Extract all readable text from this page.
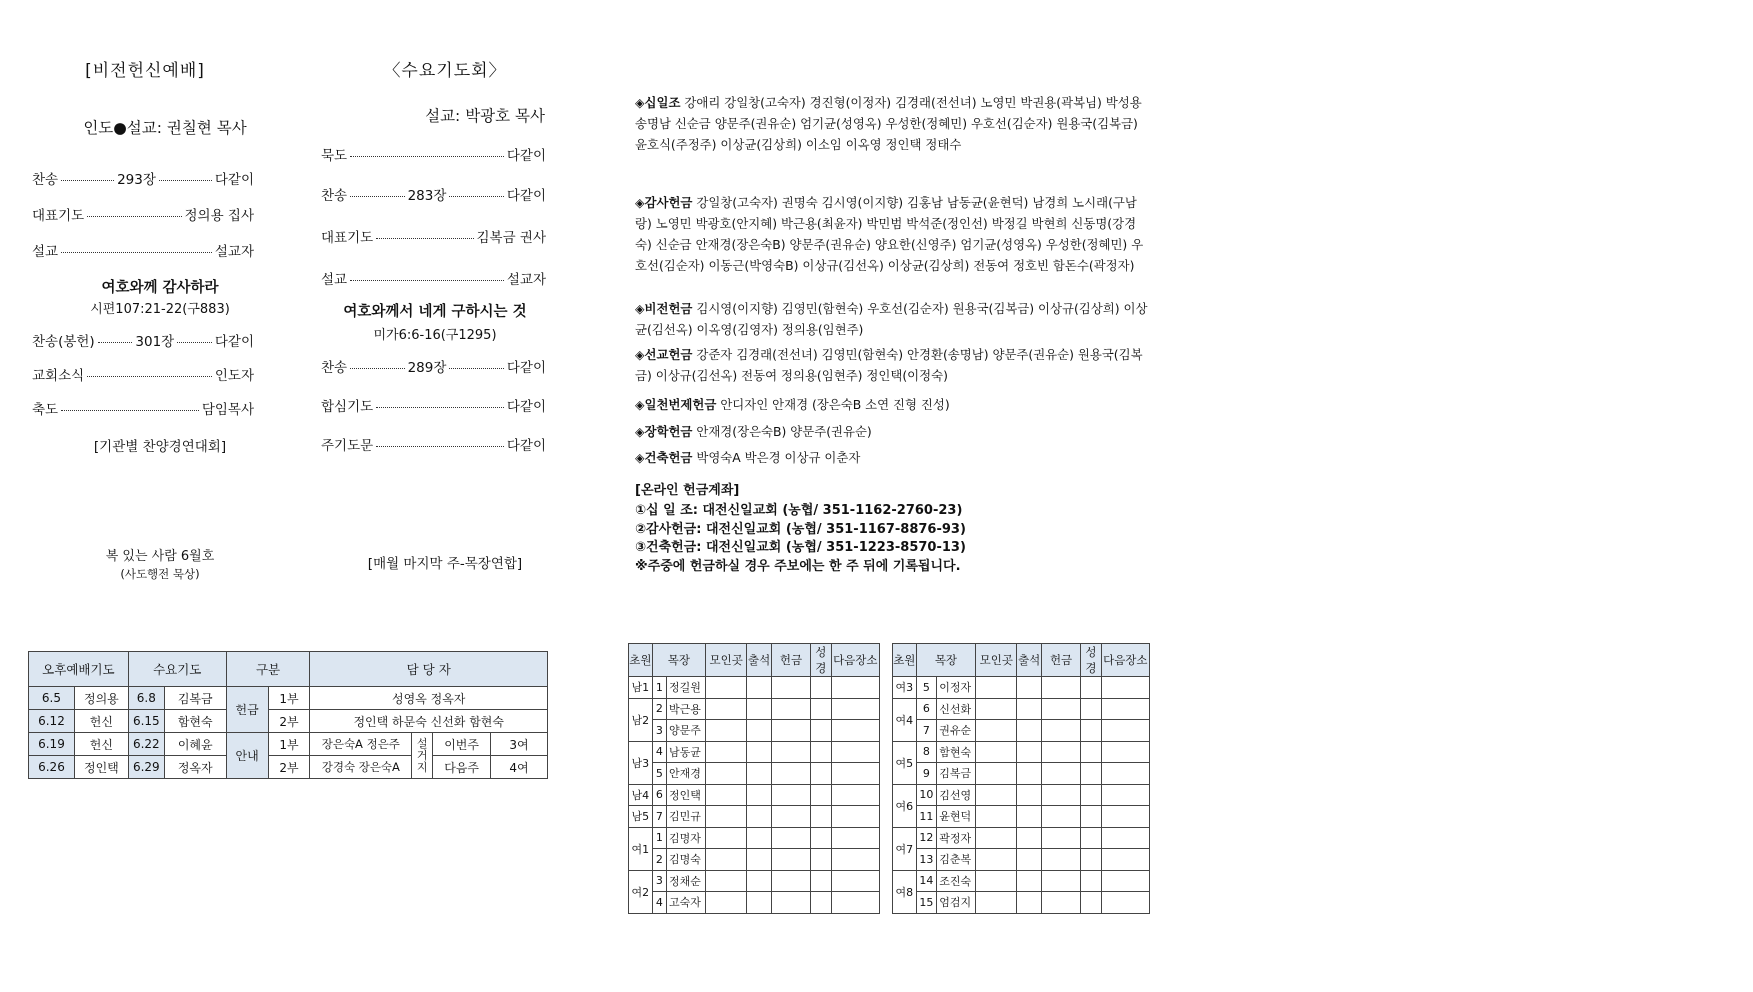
[비전헌신예배]
인도●설교: 권칠현 목사
여호와께 감사하라
시편107:21-22(구883)
[기관별 찬양경연대회]
복 있는 사람 6월호
(사도행전 묵상)
〈수요기도회〉
설교: 박광호 목사
여호와께서 네게 구하시는 것
미가6:6-16(구1295)
[매월 마지막 주-목장연합]
[온라인 헌금계좌]
①십 일 조: 대전신일교회 (농협/ 351-1162-2760-23)
②감사헌금: 대전신일교회 (농협/ 351-1167-8876-93)
③건축헌금: 대전신일교회 (농협/ 351-1223-8570-13)
※주중에 헌금하실 경우 주보에는 한 주 뒤에 기록됩니다.
오후예배기도		수요기도		구분		담 당 자			
6.5	정의용	6.8	김복금	헌금	1부	성영옥 정옥자			
6.12	헌신	6.15	함현숙		2부	정인택 하문숙 신선화 함현숙			
6.19	헌신	6.22	이혜윤	안내	1부	장은숙A 정은주	설거지	이번주	3여
6.26	정인택	6.29	정옥자		2부	강경숙 장은숙A		다음주	4여
초원	목장		모인곳	출석	헌금	성경	다음장소
남1	1	정길원					
남2	2	박근용					
	3	양문주					
남3	4	남동균					
	5	안재경					
남4	6	정인택					
남5	7	김민규					
여1	1	김명자					
	2	김명숙					
여2	3	정채순					
	4	고숙자					
초원	목장		모인곳	출석	헌금	성경	다음장소
여3	5	이정자					
여4	6	신선화					
	7	권유순					
여5	8	함현숙					
	9	김복금					
여6	10	김선영					
	11	윤현덕					
여7	12	곽정자					
	13	김춘복					
여8	14	조진숙					
	15	엄검지					
찬송	293장	다같이
대표기도	정의용 집사
설교	설교자
찬송(봉헌)	301장	다같이
교회소식	인도자
축도	담임목사
묵도	다같이
찬송	283장	다같이
대표기도	김복금 권사
설교	설교자
찬송	289장	다같이
합심기도	다같이
주기도문	다같이
◈십일조 강애리 강일창(고숙자) 경진형(이정자) 김경래(전선녀) 노영민 박권용(곽복님) 박성용 송명남 신순금 양문주(권유순) 엄기균(성영옥) 우성한(정혜민) 우호선(김순자) 원용국(김복금) 윤호식(주정주) 이상균(김상희) 이소임 이옥영 정인택 정태수
◈감사헌금 강일창(고숙자) 권명숙 김시영(이지향) 김홍남 남동균(윤현덕) 남경희 노시래(구남랑) 노영민 박광호(안지혜) 박근용(최윤자) 박민범 박석준(정인선) 박정길 박현희 신동명(강경숙) 신순금 안재경(장은숙B) 양문주(권유순) 양요한(신영주) 엄기균(성영옥) 우성한(정혜민) 우호선(김순자) 이동근(박영숙B) 이상규(김선옥) 이상균(김상희) 전동여 정호빈 함돈수(곽정자)
◈비전헌금 김시영(이지향) 김영민(함현숙) 우호선(김순자) 원용국(김복금) 이상규(김상희) 이상균(김선옥) 이옥영(김영자) 정의용(임현주)
◈선교헌금 강준자 김경래(전선녀) 김영민(함현숙) 안경환(송명남) 양문주(권유순) 원용국(김복금) 이상규(김선옥) 전동여 정의용(임현주) 정인택(이정숙)
◈일천번제헌금 안디자인 안재경 (장은숙B 소연 진형 진성)
◈장학헌금 안재경(장은숙B) 양문주(권유순)
◈건축헌금 박영숙A 박은경 이상규 이춘자
